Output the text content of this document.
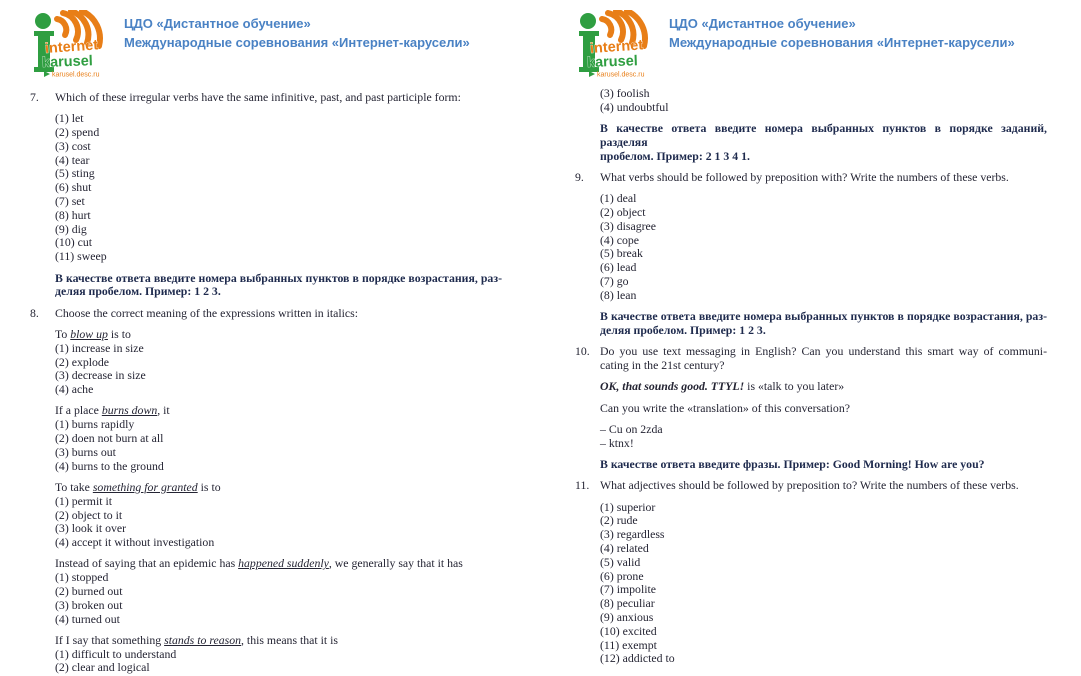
internet
karusel
karusel.desc.ru
ЦДО «Дистантное обучение»
Международные соревнования «Интернет-карусели»
7.	Which of these irregular verbs have the same infinitive, past, and past participle form:
(1) let
(2) spend
(3) cost
(4) tear
(5) sting
(6) shut
(7) set
(8) hurt
(9) dig
(10) cut
(11) sweep
В качестве ответа введите номера выбранных пунктов в порядке возрастания, раз-
деляя пробелом. Пример: 1 2 3.
8.	Choose the correct meaning of the expressions written in italics:
To blow up is to
(1) increase in size
(2) explode
(3) decrease in size
(4) ache
If a place burns down, it
(1) burns rapidly
(2) doen not burn at all
(3) burns out
(4) burns to the ground
To take something for granted is to
(1) permit it
(2) object to it
(3) look it over
(4) accept it without investigation
Instead of saying that an epidemic has happened suddenly, we generally say that it has
(1) stopped
(2) burned out
(3) broken out
(4) turned out
If I say that something stands to reason, this means that it is
(1) difficult to understand
(2) clear and logical
internet
karusel
karusel.desc.ru
ЦДО «Дистантное обучение»
Международные соревнования «Интернет-карусели»
(3) foolish
(4) undoubtful
В качестве ответа введите номера выбранных пунктов в порядке заданий, разделяя
пробелом. Пример: 2 1 3 4 1.
9.	What verbs should be followed by preposition with? Write the numbers of these verbs.
(1) deal
(2) object
(3) disagree
(4) cope
(5) break
(6) lead
(7) go
(8) lean
В качестве ответа введите номера выбранных пунктов в порядке возрастания, раз-
деляя пробелом. Пример: 1 2 3.
10. Do you use text messaging in English? Can you understand this smart way of communi-
cating in the 21st century?
OK, that sounds good. TTYL! is «talk to you later»
Can you write the «translation» of this conversation?
– Cu on 2zda
– ktnx!
В качестве ответа введите фразы. Пример: Good Morning! How are you?
11. What adjectives should be followed by preposition to? Write the numbers of these verbs.
(1) superior
(2) rude
(3) regardless
(4) related
(5) valid
(6) prone
(7) impolite
(8) peculiar
(9) anxious
(10) excited
(11) exempt
(12) addicted to
